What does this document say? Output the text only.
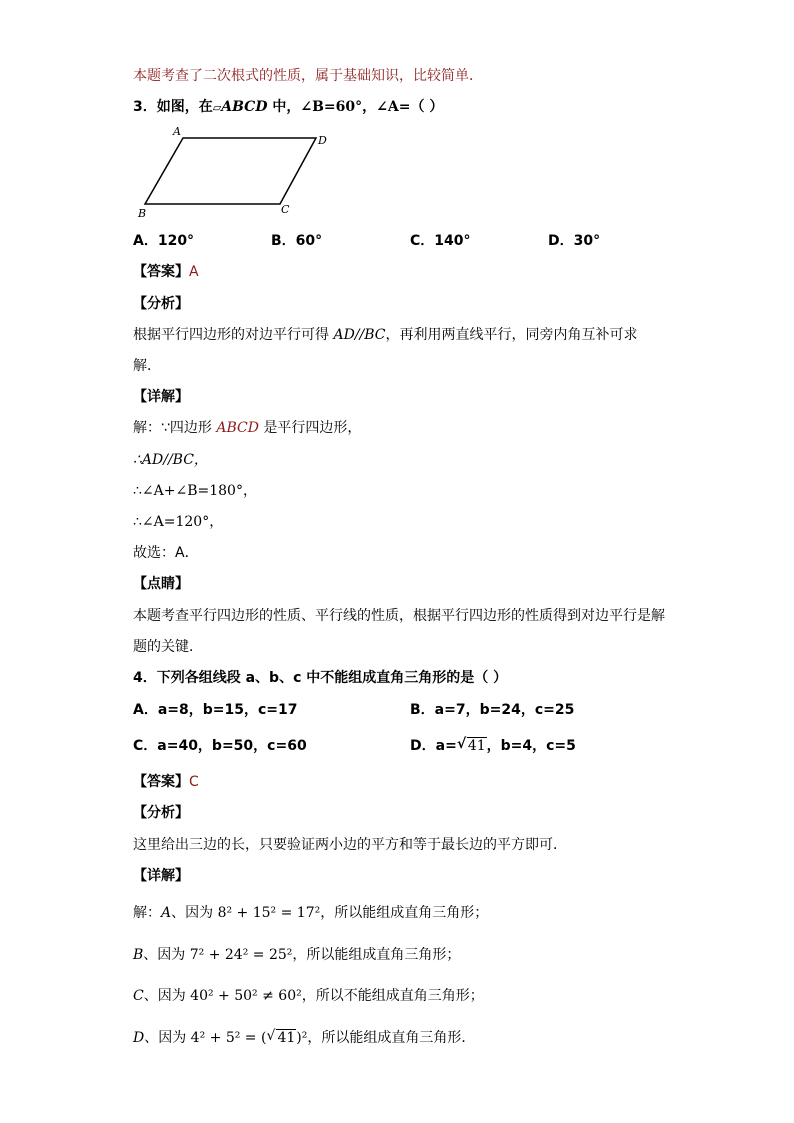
本题考查了二次根式的性质，属于基础知识，比较简单．
3．如图，在▱ABCD 中，∠B=60°，∠A=（ ）
A
D
B	C
A．120°	B．60°	C．140°	D．30°
【答案】A
【分析】
根据平行四边形的对边平行可得 AD//BC，再利用两直线平行，同旁内角互补可求
解．
【详解】
解：∵四边形 ABCD 是平行四边形，
∴AD//BC，
∴∠A+∠B=180°，
∴∠A=120°，
故选：A．
【点睛】
本题考查平行四边形的性质、平行线的性质，根据平行四边形的性质得到对边平行是解
题的关键．
4．下列各组线段 a、b、c 中不能组成直角三角形的是（ ）
A．a=8，b=15，c=17	B．a=7，b=24，c=25
C．a=40，b=50，c=60	D．a= √ 41，b=4，c=5
【答案】C
【分析】
这里给出三边的长，只要验证两小边的平方和等于最长边的平方即可．
【详解】
解：A、因为 8² + 15² = 17²，所以能组成直角三角形；
B、因为 7² + 24² = 25²，所以能组成直角三角形；
C、因为 40² + 50² ≠ 60²，所以不能组成直角三角形；
D、因为 4² + 5² = ( √ 41)²，所以能组成直角三角形．
